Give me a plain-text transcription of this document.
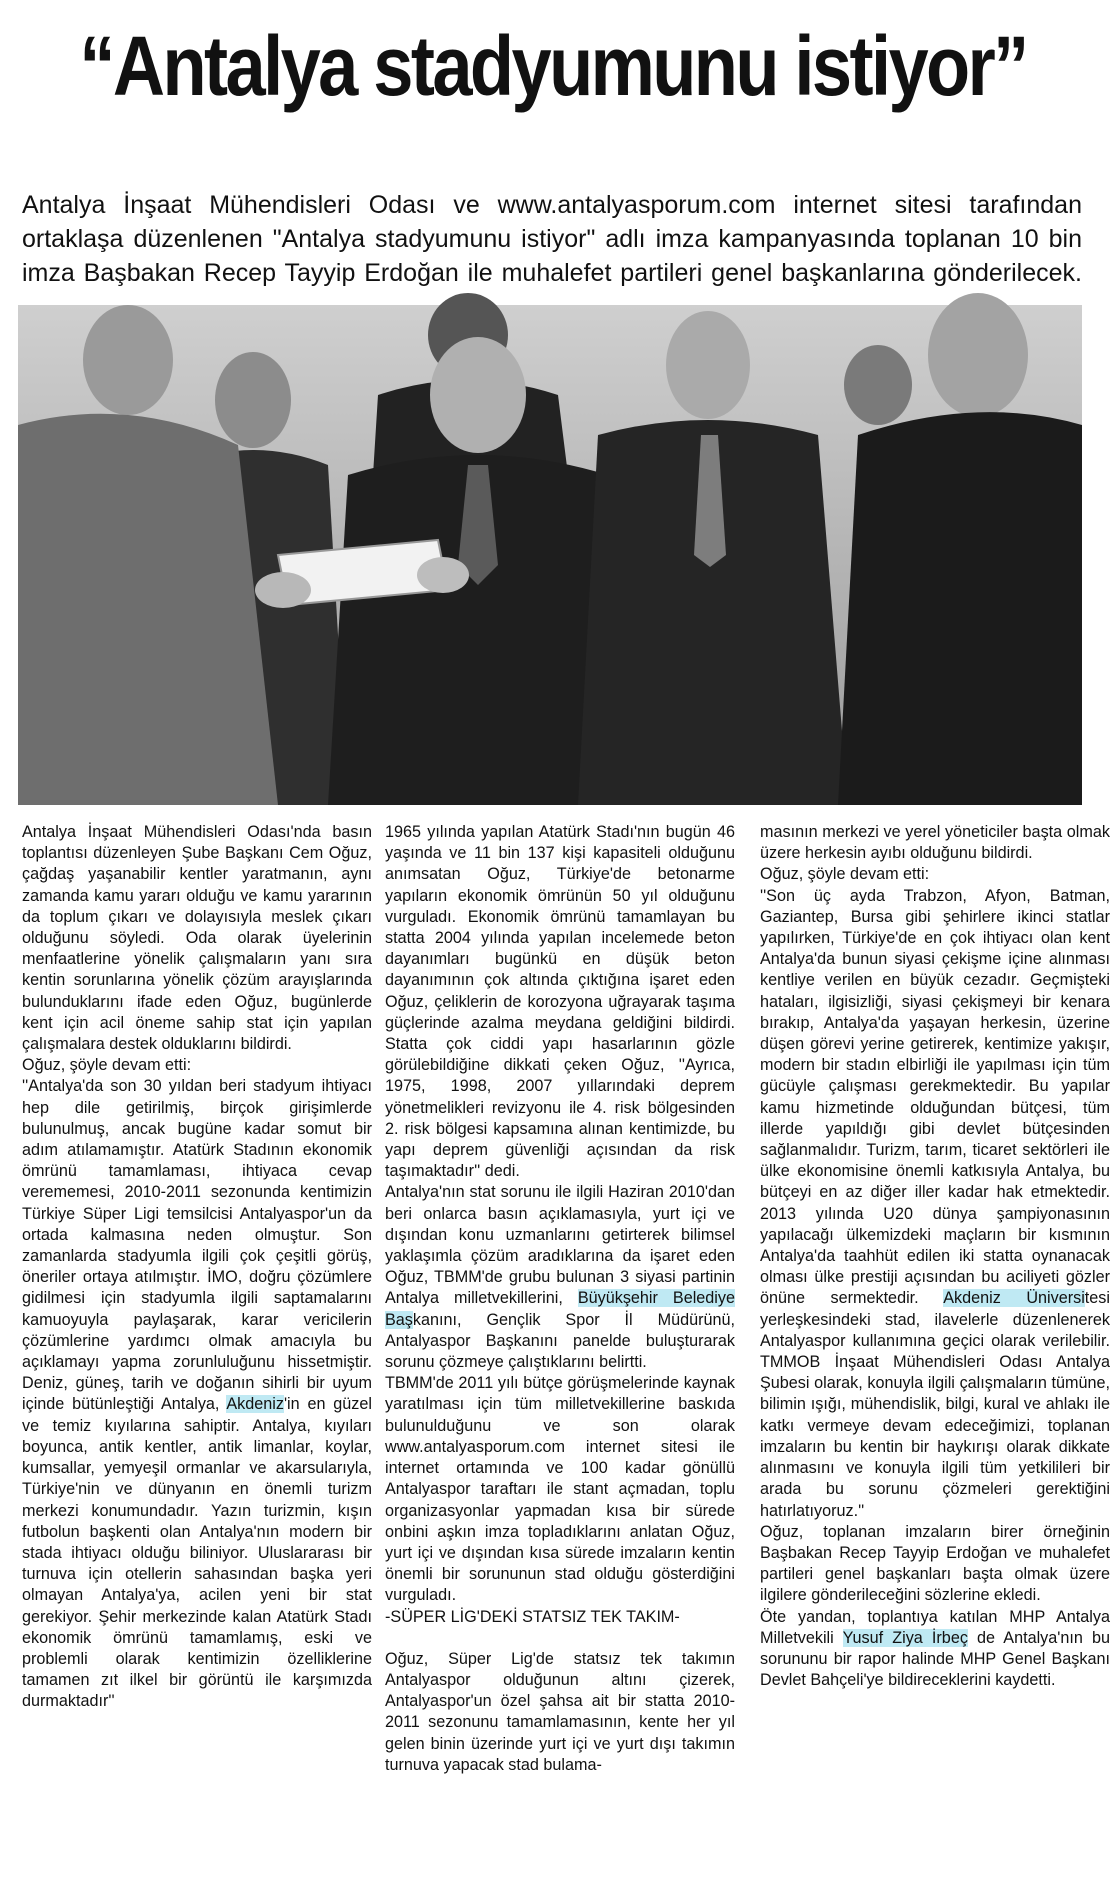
“Antalya stadyumunu istiyor”
Antalya İnşaat Mühendisleri Odası ve www.antalyasporum.com internet sitesi tarafından
ortaklaşa düzenlenen "Antalya stadyumunu istiyor" adlı imza kampanyasında toplanan 10 bin
imza Başbakan Recep Tayyip Erdoğan ile muhalefet partileri genel başkanlarına gönderilecek.

Antalya İnşaat Mühendisleri Odası'nda basın toplantısı düzenleyen Şube Başkanı Cem Oğuz, çağdaş yaşanabilir kentler yaratmanın, aynı zamanda kamu yararı olduğu ve kamu yararının da toplum çıkarı ve dolayısıyla meslek çıkarı olduğunu söyledi. Oda olarak üyelerinin menfaatlerine yönelik çalışmaların yanı sıra kentin sorunlarına yönelik çözüm arayışlarında bulunduklarını ifade eden Oğuz, bugünlerde kent için acil öneme sahip stat için yapılan çalışmalara destek olduklarını bildirdi.

Oğuz, şöyle devam etti:

''Antalya'da son 30 yıldan beri stadyum ihtiyacı hep dile getirilmiş, birçok girişimlerde bulunulmuş, ancak bugüne kadar somut bir adım atılamamıştır. Atatürk Stadının ekonomik ömrünü tamamlaması, ihtiyaca cevap verememesi, 2010-2011 sezonunda kentimizin Türkiye Süper Ligi temsilcisi Antalyaspor'un da ortada kalmasına neden olmuştur. Son zamanlarda stadyumla ilgili çok çeşitli görüş, öneriler ortaya atılmıştır. İMO, doğru çözümlere gidilmesi için stadyumla ilgili saptamalarını kamuoyuyla paylaşarak, karar vericilerin çözümlerine yardımcı olmak amacıyla bu açıklamayı yapma zorunluluğunu hissetmiştir. Deniz, güneş, tarih ve doğanın sihirli bir uyum içinde bütünleştiği Antalya, Akdeniz'in en güzel ve temiz kıyılarına sahiptir. Antalya, kıyıları boyunca, antik kentler, antik limanlar, koylar, kumsallar, yemyeşil ormanlar ve akarsularıyla, Türkiye'nin ve dünyanın en önemli turizm merkezi konumundadır. Yazın turizmin, kışın futbolun başkenti olan Antalya'nın modern bir stada ihtiyacı olduğu biliniyor. Uluslararası bir turnuva için otellerin sahasından başka yeri olmayan Antalya'ya, acilen yeni bir stat gerekiyor. Şehir merkezinde kalan Atatürk Stadı ekonomik ömrünü tamamlamış, eski ve problemli olarak kentimizin özelliklerine tamamen zıt ilkel bir görüntü ile karşımızda durmaktadır''

1965 yılında yapılan Atatürk Stadı'nın bugün 46 yaşında ve 11 bin 137 kişi kapasiteli olduğunu anımsatan Oğuz, Türkiye'de betonarme yapıların ekonomik ömrünün 50 yıl olduğunu vurguladı. Ekonomik ömrünü tamamlayan bu statta 2004 yılında yapılan incelemede beton dayanımları bugünkü en düşük beton dayanımının çok altında çıktığına işaret eden Oğuz, çeliklerin de korozyona uğrayarak taşıma güçlerinde azalma meydana geldiğini bildirdi. Statta çok ciddi yapı hasarlarının gözle görülebildiğine dikkati çeken Oğuz, ''Ayrıca, 1975, 1998, 2007 yıllarındaki deprem yönetmelikleri revizyonu ile 4. risk bölgesinden 2. risk bölgesi kapsamına alınan kentimizde, bu yapı deprem güvenliği açısından da risk taşımaktadır'' dedi.

Antalya'nın stat sorunu ile ilgili Haziran 2010'dan beri onlarca basın açıklamasıyla, yurt içi ve dışından konu uzmanlarını getirterek bilimsel yaklaşımla çözüm aradıklarına da işaret eden Oğuz, TBMM'de grubu bulunan 3 siyasi partinin Antalya milletvekillerini, Büyükşehir Belediye Başkanını, Gençlik Spor İl Müdürünü, Antalyaspor Başkanını panelde buluşturarak sorunu çözmeye çalıştıklarını belirtti.

TBMM'de 2011 yılı bütçe görüşmelerinde kaynak yaratılması için tüm milletvekillerine baskıda bulunulduğunu ve son olarak www.antalyasporum.com internet sitesi ile internet ortamında ve 100 kadar gönüllü Antalyaspor taraftarı ile stant açmadan, toplu organizasyonlar yapmadan kısa bir sürede onbini aşkın imza topladıklarını anlatan Oğuz, yurt içi ve dışından kısa sürede imzaların kentin önemli bir sorununun stad olduğu gösterdiğini vurguladı.

-SÜPER LİG'DEKİ STATSIZ TEK TAKIM-

Oğuz, Süper Lig'de statsız tek takımın Antalyaspor olduğunun altını çizerek, Antalyaspor'un özel şahsa ait bir statta 2010-2011 sezonunu tamamlamasının, kente her yıl gelen binin üzerinde yurt içi ve yurt dışı takımın turnuva yapacak stad bulama-

masının merkezi ve yerel yöneticiler başta olmak üzere herkesin ayıbı olduğunu bildirdi.

Oğuz, şöyle devam etti:

''Son üç ayda Trabzon, Afyon, Batman, Gaziantep, Bursa gibi şehirlere ikinci statlar yapılırken, Türkiye'de en çok ihtiyacı olan kent Antalya'da bunun siyasi çekişme içine alınması kentliye verilen en büyük cezadır. Geçmişteki hataları, ilgisizliği, siyasi çekişmeyi bir kenara bırakıp, Antalya'da yaşayan herkesin, üzerine düşen görevi yerine getirerek, kentimize yakışır, modern bir stadın elbirliği ile yapılması için tüm gücüyle çalışması gerekmektedir. Bu yapılar kamu hizmetinde olduğundan bütçesi, tüm illerde yapıldığı gibi devlet bütçesinden sağlanmalıdır. Turizm, tarım, ticaret sektörleri ile ülke ekonomisine önemli katkısıyla Antalya, bu bütçeyi en az diğer iller kadar hak etmektedir. 2013 yılında U20 dünya şampiyonasının yapılacağı ülkemizdeki maçların bir kısmının Antalya'da taahhüt edilen iki statta oynanacak olması ülke prestiji açısından bu aciliyeti gözler önüne sermektedir. Akdeniz Üniversitesi yerleşkesindeki stad, ilavelerle düzenlenerek Antalyaspor kullanımına geçici olarak verilebilir. TMMOB İnşaat Mühendisleri Odası Antalya Şubesi olarak, konuyla ilgili çalışmaların tümüne, bilimin ışığı, mühendislik, bilgi, kural ve ahlakı ile katkı vermeye devam edeceğimizi, toplanan imzaların bu kentin bir haykırışı olarak dikkate alınmasını ve konuyla ilgili tüm yetkilileri bir arada bu sorunu çözmeleri gerektiğini hatırlatıyoruz.''

Oğuz, toplanan imzaların birer örneğinin Başbakan Recep Tayyip Erdoğan ve muhalefet partileri genel başkanları başta olmak üzere ilgilere gönderileceğini sözlerine ekledi.

Öte yandan, toplantıya katılan MHP Antalya Milletvekili Yusuf Ziya İrbeç de Antalya'nın bu sorununu bir rapor halinde MHP Genel Başkanı Devlet Bahçeli'ye bildireceklerini kaydetti.
